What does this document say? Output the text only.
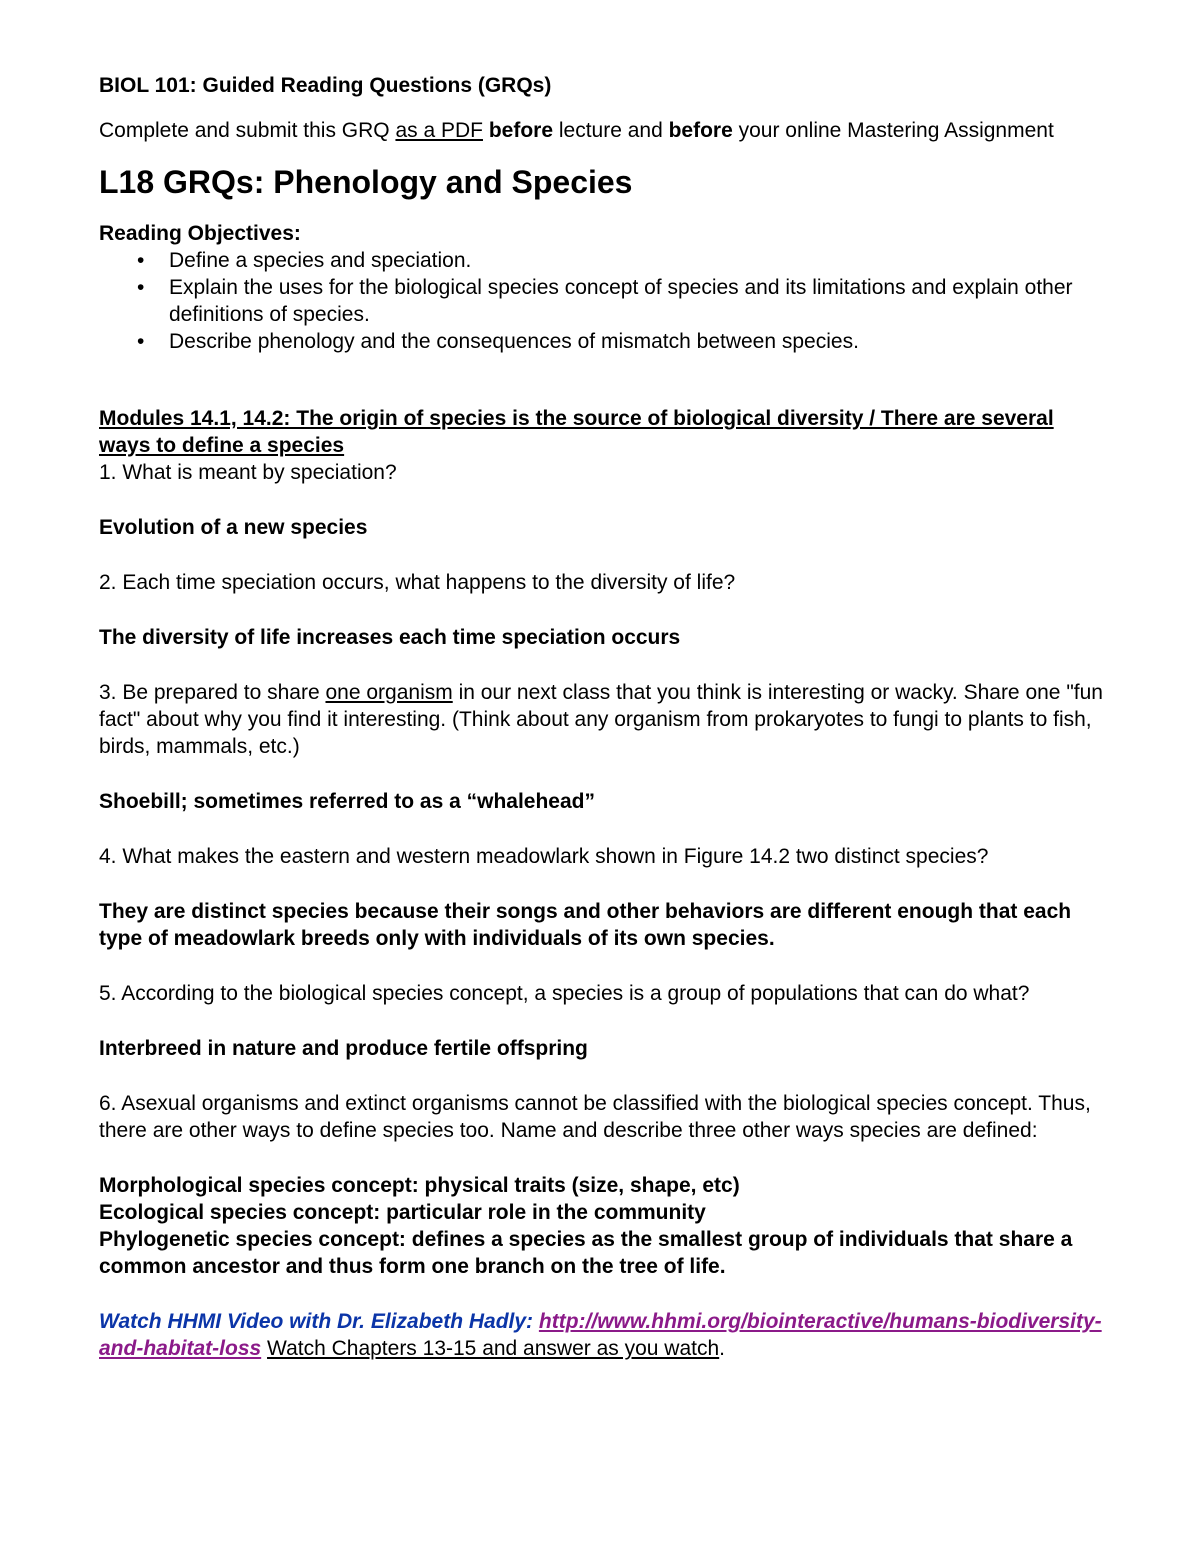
BIOL 101: Guided Reading Questions (GRQs)

Complete and submit this GRQ as a PDF before lecture and before your online Mastering Assignment

L18 GRQs: Phenology and Species

Reading Objectives:

• Define a species and speciation.
• Explain the uses for the biological species concept of species and its limitations and explain other definitions of species.
• Describe phenology and the consequences of mismatch between species.

Modules 14.1, 14.2: The origin of species is the source of biological diversity / There are several ways to define a species

1. What is meant by speciation?

Evolution of a new species

2. Each time speciation occurs, what happens to the diversity of life?

The diversity of life increases each time speciation occurs

3. Be prepared to share one organism in our next class that you think is interesting or wacky. Share one "fun fact" about why you find it interesting. (Think about any organism from prokaryotes to fungi to plants to fish, birds, mammals, etc.)

Shoebill; sometimes referred to as a “whalehead”

4. What makes the eastern and western meadowlark shown in Figure 14.2 two distinct species?

They are distinct species because their songs and other behaviors are different enough that each type of meadowlark breeds only with individuals of its own species.

5. According to the biological species concept, a species is a group of populations that can do what?

Interbreed in nature and produce fertile offspring

6. Asexual organisms and extinct organisms cannot be classified with the biological species concept. Thus, there are other ways to define species too. Name and describe three other ways species are defined:

Morphological species concept: physical traits (size, shape, etc)

Ecological species concept: particular role in the community

Phylogenetic species concept: defines a species as the smallest group of individuals that share a common ancestor and thus form one branch on the tree of life.

Watch HHMI Video with Dr. Elizabeth Hadly: http://www.hhmi.org/biointeractive/humans-biodiversity-and-habitat-loss Watch Chapters 13-15 and answer as you watch.
